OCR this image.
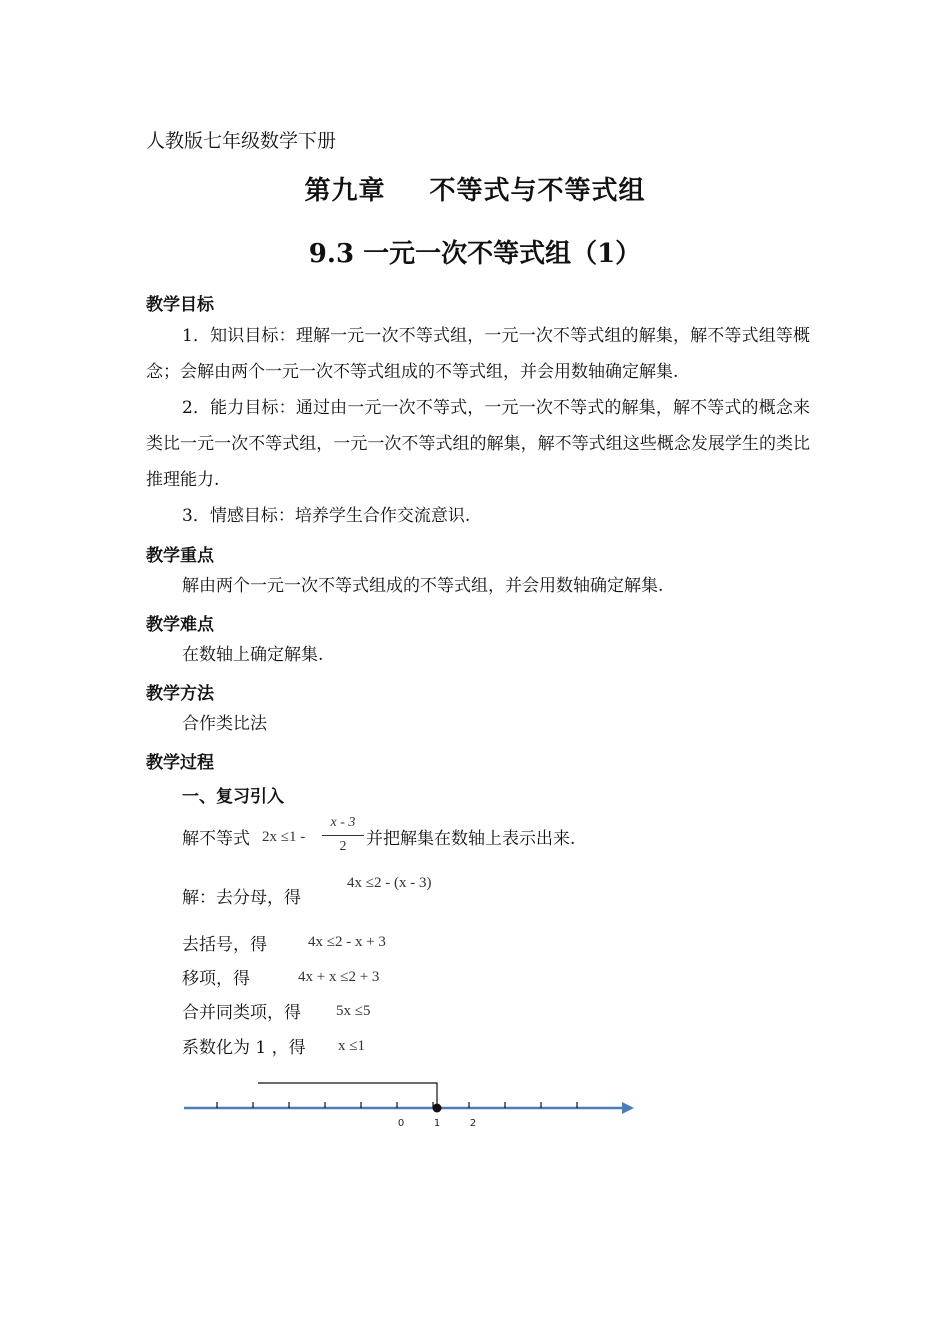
人教版七年级数学下册
第九章 不等式与不等式组
9.3 一元一次不等式组（1）
教学目标
1．知识目标：理解一元一次不等式组，一元一次不等式组的解集，解不等式组等概念；会解由两个一元一次不等式组成的不等式组，并会用数轴确定解集.
2．能力目标：通过由一元一次不等式，一元一次不等式的解集，解不等式的概念来类比一元一次不等式组，一元一次不等式组的解集，解不等式组这些概念发展学生的类比推理能力.
3．情感目标：培养学生合作交流意识.
教学重点
解由两个一元一次不等式组成的不等式组，并会用数轴确定解集.
教学难点
在数轴上确定解集.
教学方法
合作类比法
教学过程
一、复习引入
解不等式 2x ≤1 -
x - 3
2	并把解集在数轴上表示出来.
解：去分母，得
4x ≤2 - (x - 3)
去括号，得	4x ≤2 - x + 3
移项，得	4x + x ≤2 + 3
合并同类项，得 5x ≤5
系数化为 1 ，得 x ≤1
0	1	2
